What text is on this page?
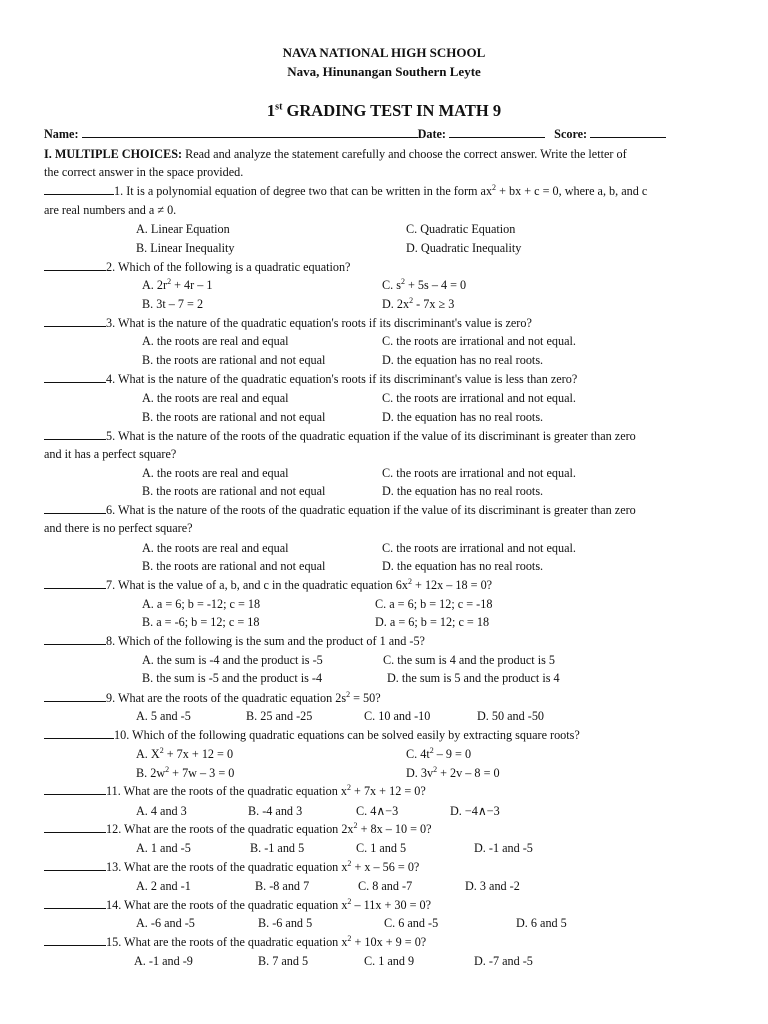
NAVA NATIONAL HIGH SCHOOL
Nava, Hinunangan Southern Leyte
1st GRADING TEST IN MATH 9
Name:	Date:	Score:
I. MULTIPLE CHOICES: Read and analyze the statement carefully and choose the correct answer. Write the letter of
the correct answer in the space provided.
1. It is a polynomial equation of degree two that can be written in the form $ax^2$ + bx + c = 0, where a, b, and c
are real numbers and a ≠ 0.
A. Linear Equation	C. Quadratic Equation
B. Linear Inequality	D. Quadratic Inequality
2. Which of the following is a quadratic equation?
A. $2r^2 + 4r - 1$	C. $s^2 + 5s - 4 = 0$
B. 3t – 7 = 2	D. $2x^2 - 7x \ge 3$
3. What is the nature of the quadratic equation's roots if its discriminant's value is zero?
A. the roots are real and equal	C. the roots are irrational and not equal.
B. the roots are rational and not equal	D. the equation has no real roots.
4. What is the nature of the quadratic equation's roots if its discriminant's value is less than zero?
A. the roots are real and equal	C. the roots are irrational and not equal.
B. the roots are rational and not equal	D. the equation has no real roots.
5. What is the nature of the roots of the quadratic equation if the value of its discriminant is greater than zero
and it has a perfect square?
A. the roots are real and equal	C. the roots are irrational and not equal.
B. the roots are rational and not equal	D. the equation has no real roots.
6. What is the nature of the roots of the quadratic equation if the value of its discriminant is greater than zero
and there is no perfect square?
A. the roots are real and equal	C. the roots are irrational and not equal.
B. the roots are rational and not equal	D. the equation has no real roots.
7. What is the value of a, b, and c in the quadratic equation $6x^2 + 12x - 18 = 0$?
A. a = 6; b = -12; c = 18	C. a = 6; b = 12; c = -18
B. a = -6; b = 12; c = 18	D. a = 6; b = 12; c = 18
8. Which of the following is the sum and the product of 1 and -5?
A. the sum is -4 and the product is -5	C. the sum is 4 and the product is 5
B. the sum is -5 and the product is -4	D. the sum is 5 and the product is 4
9. What are the roots of the quadratic equation $2s^2 = 50$?
A. 5 and -5	B. 25 and -25	C. 10 and -10	D. 50 and -50
10. Which of the following quadratic equations can be solved easily by extracting square roots?
A. $X^2 + 7x + 12 = 0$	C. $4t^2 - 9 = 0$
B. $2w^2 + 7w - 3 = 0$	D. $3v^2 + 2v - 8 = 0$
11. What are the roots of the quadratic equation $x^2 + 7x + 12 = 0$?
A. 4 and 3	B. -4 and 3	C. 4∧−3	D. −4∧−3
12. What are the roots of the quadratic equation $2x^2 + 8x - 10 = 0$?
A. 1 and -5	B. -1 and 5	C. 1 and 5	D. -1 and -5
13. What are the roots of the quadratic equation $x^2 + x - 56 = 0$?
A. 2 and -1	B. -8 and 7	C. 8 and -7	D. 3 and -2
14. What are the roots of the quadratic equation $x^2 - 11x + 30 = 0$?
A. -6 and -5	B. -6 and 5	C. 6 and -5	D. 6 and 5
15. What are the roots of the quadratic equation $x^2 + 10x + 9 = 0$?
A. -1 and -9	B. 7 and 5	C. 1 and 9	D. -7 and -5
